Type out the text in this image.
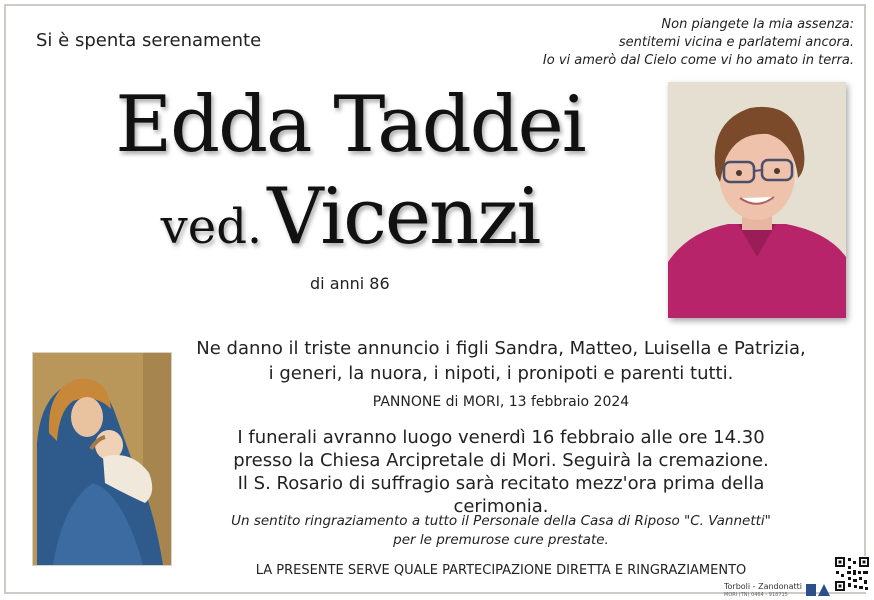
Si è spenta serenamente
Non piangete la mia assenza:
sentitemi vicina e parlatemi ancora.
Io vi amerò dal Cielo come vi ho amato in terra.
Edda Taddei
ved. Vicenzi
di anni 86
Ne danno il triste annuncio i figli Sandra, Matteo, Luisella e Patrizia,
i generi, la nuora, i nipoti, i pronipoti e parenti tutti.
PANNONE di MORI, 13 febbraio 2024
I funerali avranno luogo venerdì 16 febbraio alle ore 14.30
presso la Chiesa Arcipretale di Mori. Seguirà la cremazione.
Il S. Rosario di suffragio sarà recitato mezz'ora prima della cerimonia.
Un sentito ringraziamento a tutto il Personale della Casa di Riposo "C. Vannetti"
per le premurose cure prestate.
LA PRESENTE SERVE QUALE PARTECIPAZIONE DIRETTA E RINGRAZIAMENTO
Torboli - Zandonatti
MORI (TN) 0464 - 918715
